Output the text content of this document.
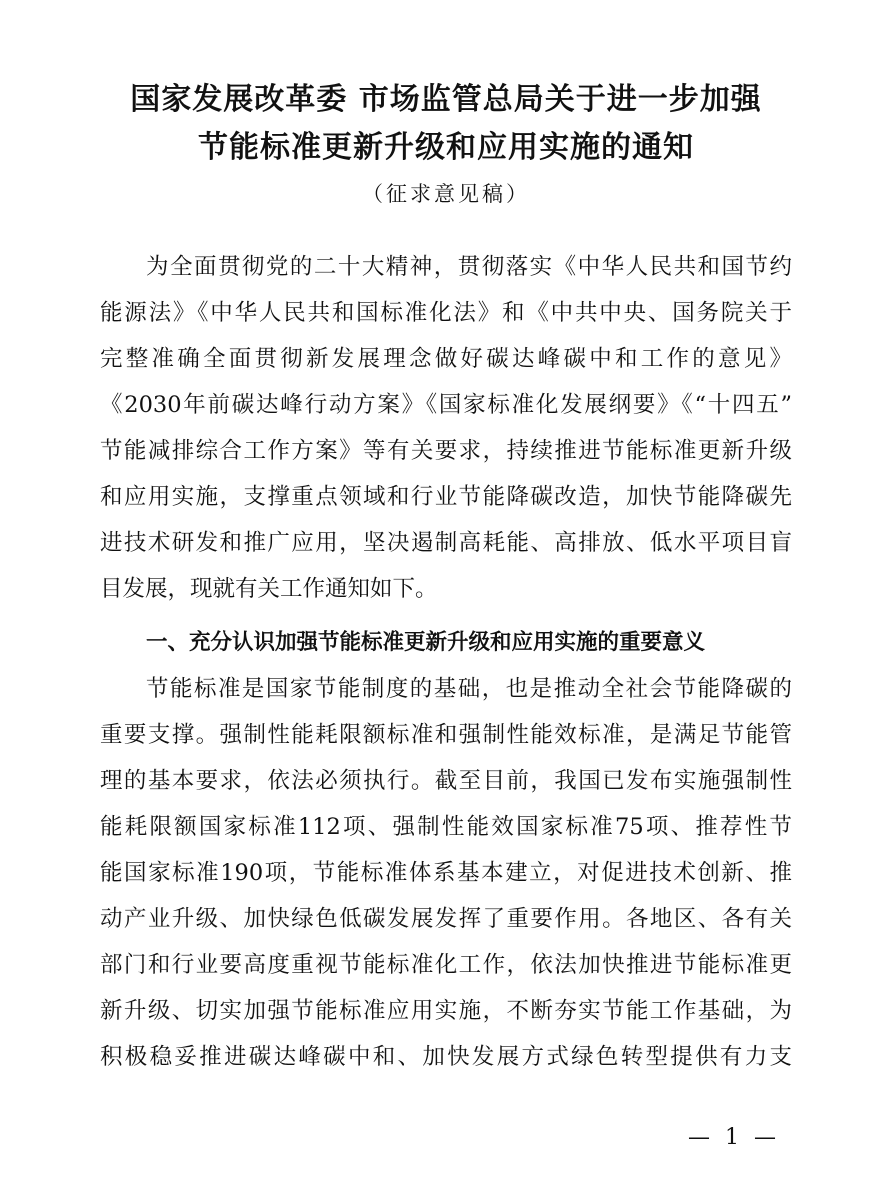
国家发展改革委 市场监管总局关于进一步加强
节能标准更新升级和应用实施的通知
（征求意见稿）
为全面贯彻党的二十大精神，贯彻落实《中华人民共和国节约
能源法》《中华人民共和国标准化法》和《中共中央、国务院关于
完整准确全面贯彻新发展理念做好碳达峰碳中和工作的意见》
《2030年前碳达峰行动方案》《国家标准化发展纲要》《“十四五”
节能减排综合工作方案》等有关要求，持续推进节能标准更新升级
和应用实施，支撑重点领域和行业节能降碳改造，加快节能降碳先
进技术研发和推广应用，坚决遏制高耗能、高排放、低水平项目盲
目发展，现就有关工作通知如下。
一、充分认识加强节能标准更新升级和应用实施的重要意义
节能标准是国家节能制度的基础，也是推动全社会节能降碳的
重要支撑。强制性能耗限额标准和强制性能效标准，是满足节能管
理的基本要求，依法必须执行。截至目前，我国已发布实施强制性
能耗限额国家标准112项、强制性能效国家标准75项、推荐性节
能国家标准190项，节能标准体系基本建立，对促进技术创新、推
动产业升级、加快绿色低碳发展发挥了重要作用。各地区、各有关
部门和行业要高度重视节能标准化工作，依法加快推进节能标准更
新升级、切实加强节能标准应用实施，不断夯实节能工作基础，为
积极稳妥推进碳达峰碳中和、加快发展方式绿色转型提供有力支
— 1 —
